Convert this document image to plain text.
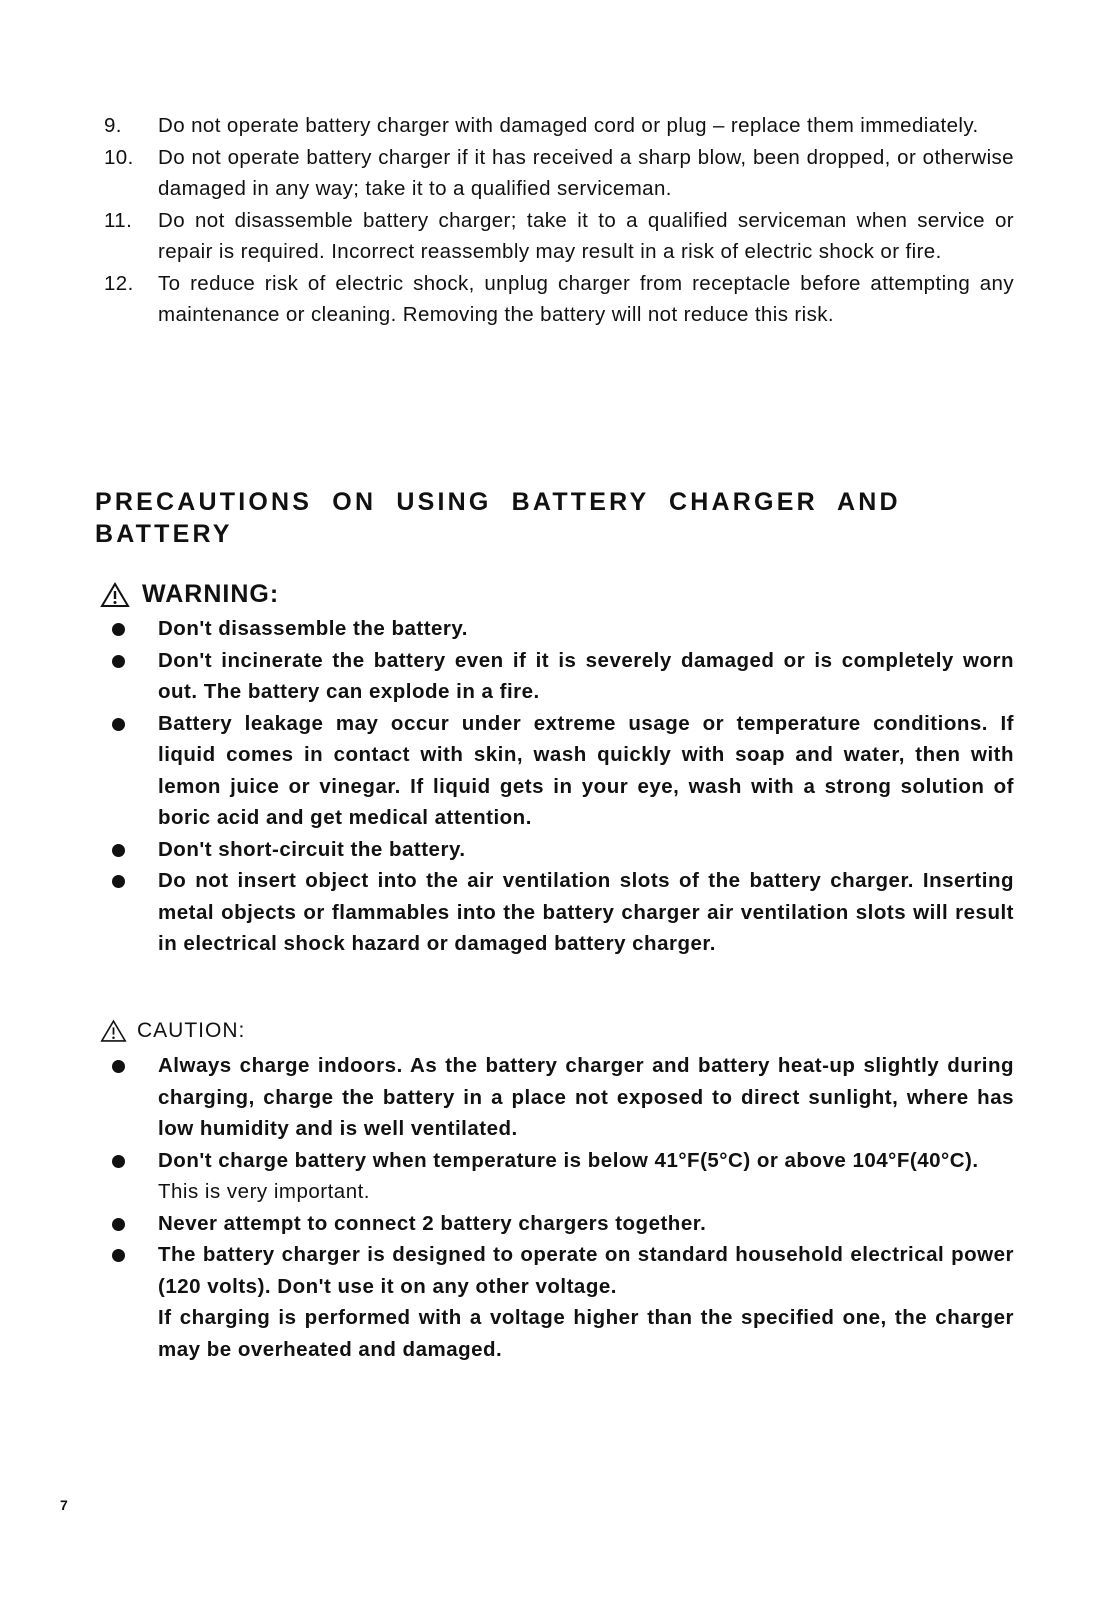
9.	Do not operate battery charger with damaged cord or plug – replace them immediately.
10.	Do not operate battery charger if it has received a sharp blow, been dropped, or otherwise damaged in any way; take it to a qualified serviceman.
11.	Do not disassemble battery charger; take it to a qualified serviceman when service or repair is required. Incorrect reassembly may result in a risk of electric shock or fire.
12.	To reduce risk of electric shock, unplug charger from receptacle before attempting any maintenance or cleaning. Removing the battery will not reduce this risk.
PRECAUTIONS ON USING BATTERY CHARGER AND BATTERY
WARNING:
Don't disassemble the battery.
Don't incinerate the battery even if it is severely damaged or is completely worn out. The battery can explode in a fire.
Battery leakage may occur under extreme usage or temperature conditions. If liquid comes in contact with skin, wash quickly with soap and water, then with lemon juice or vinegar. If liquid gets in your eye, wash with a strong solution of boric acid and get medical attention.
Don't short-circuit the battery.
Do not insert object into the air ventilation slots of the battery charger. Inserting metal objects or flammables into the battery charger air ventilation slots will result in electrical shock hazard or damaged battery charger.
CAUTION:
Always charge indoors. As the battery charger and battery heat-up slightly during charging, charge the battery in a place not exposed to direct sunlight, where has low humidity and is well ventilated.
Don't charge battery when temperature is below 41°F(5°C) or above 104°F(40°C).
This is very important.
Never attempt to connect 2 battery chargers together.
The battery charger is designed to operate on standard household electrical power (120 volts). Don't use it on any other voltage.
If charging is performed with a voltage higher than the specified one, the charger may be overheated and damaged.
7
